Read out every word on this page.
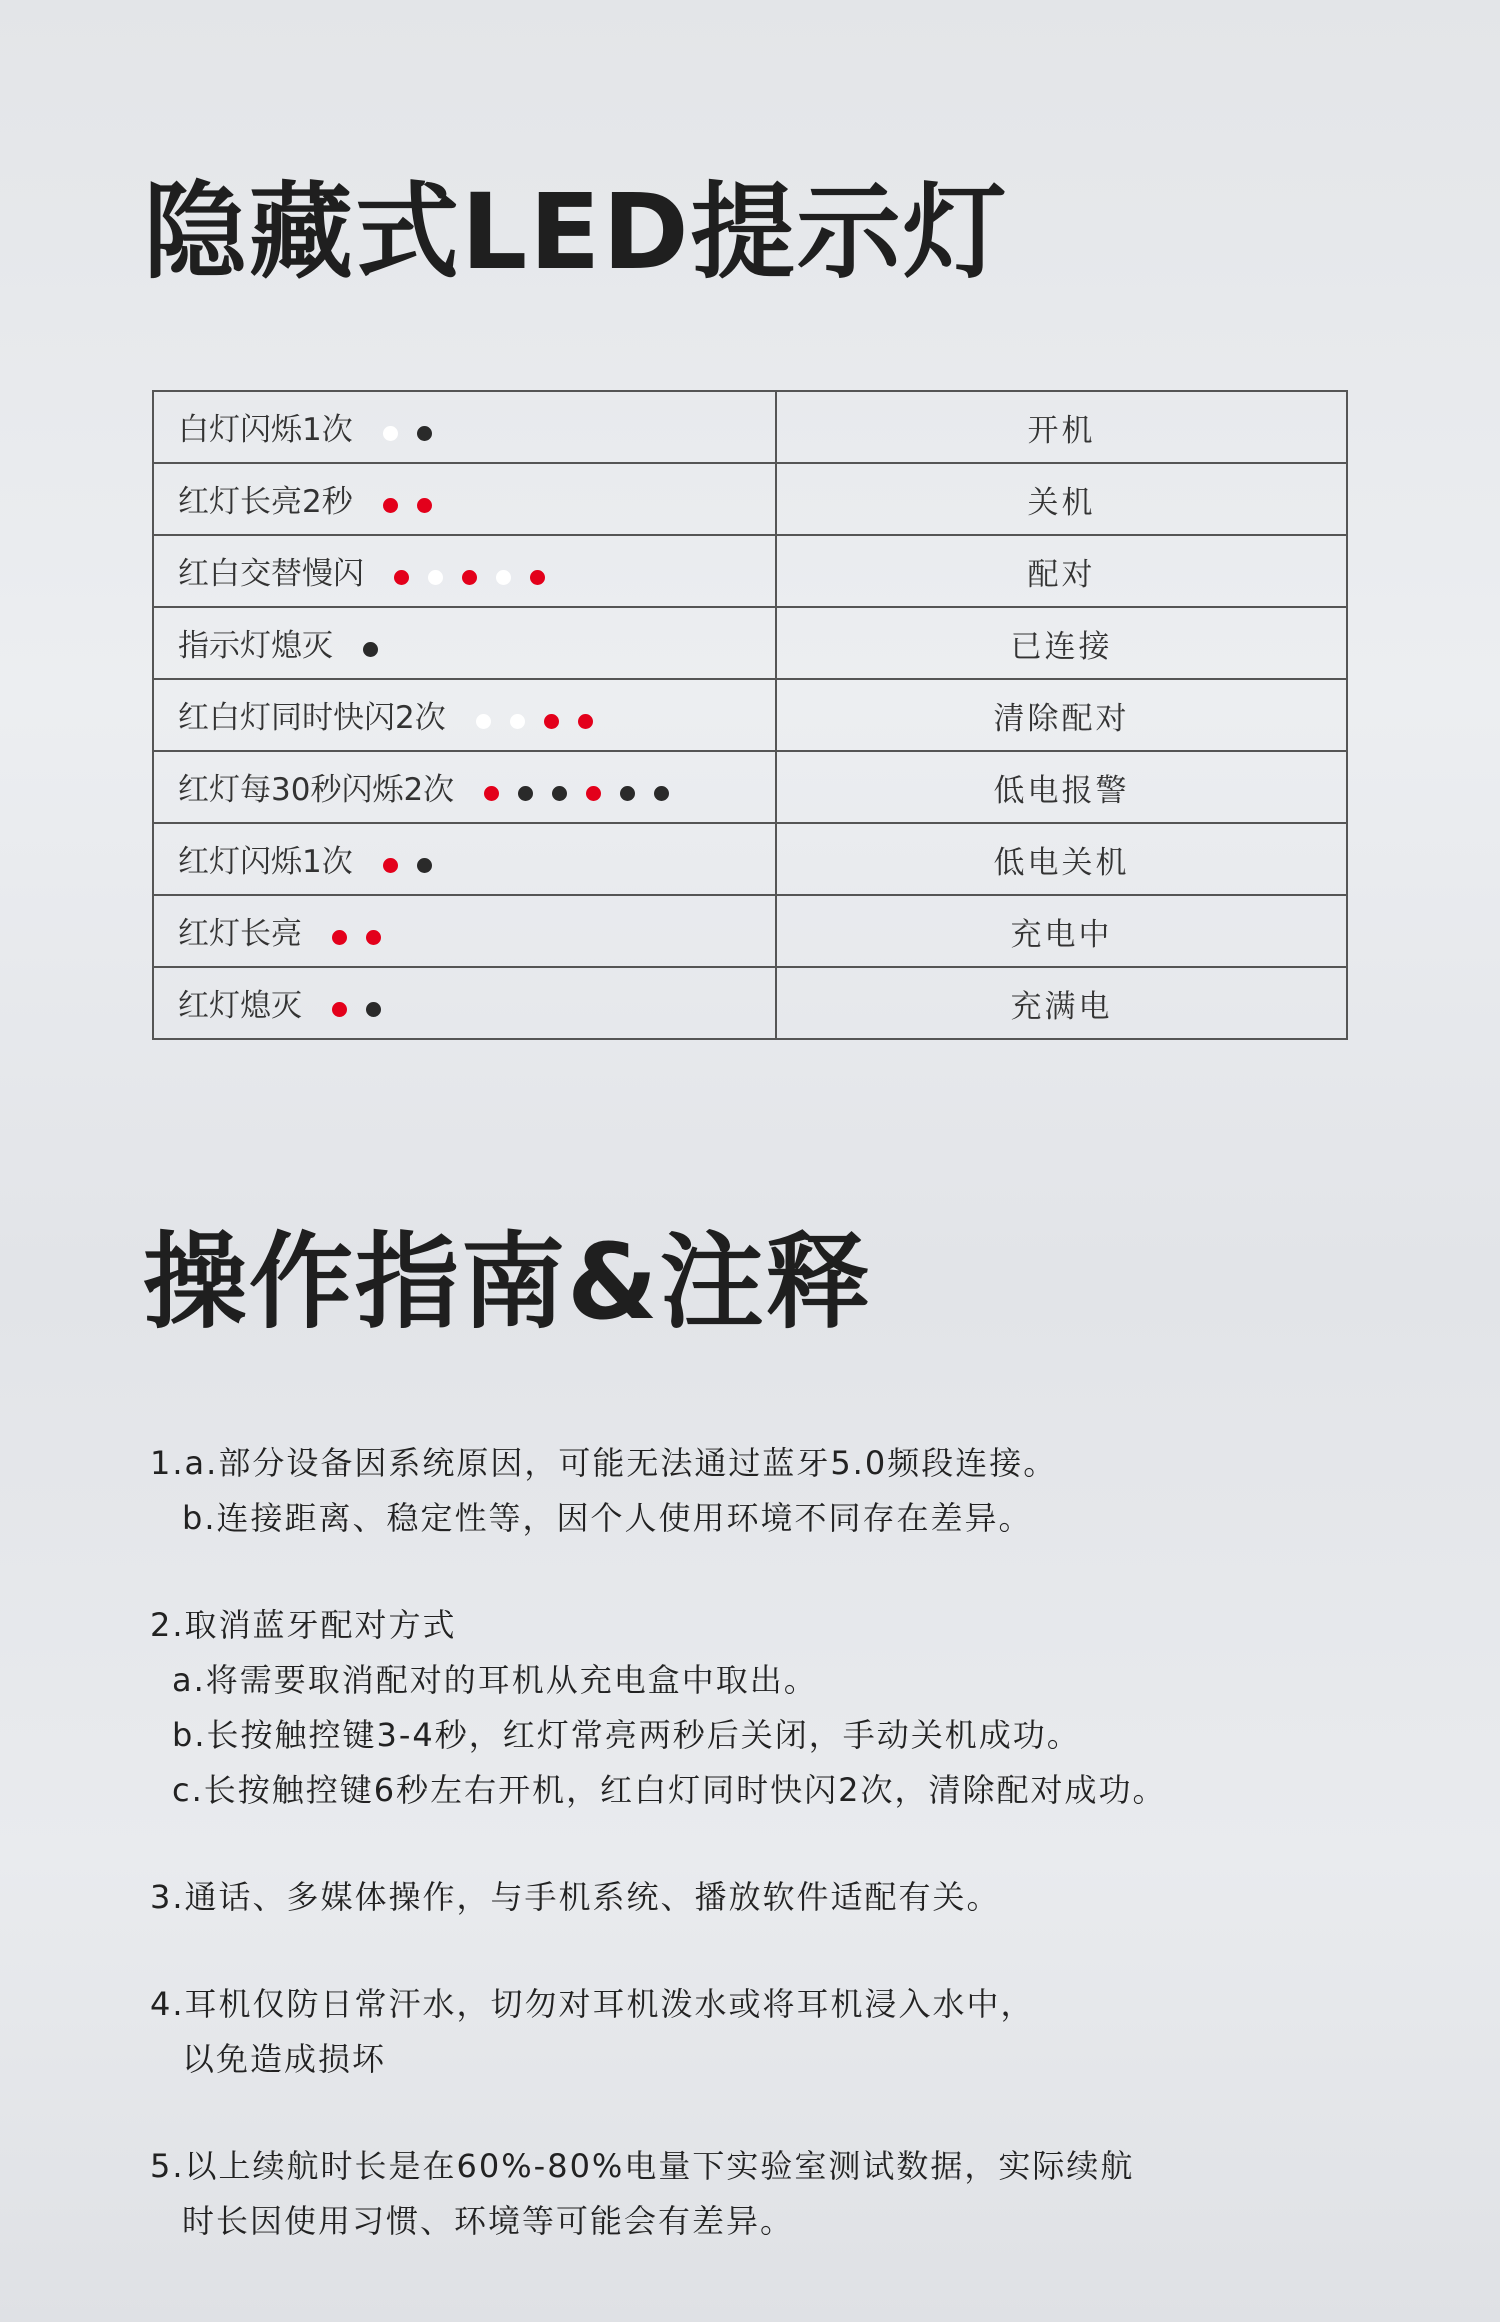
隐藏式LED提示灯
白灯闪烁1次	开机
红灯长亮2秒	关机
红白交替慢闪	配对
指示灯熄灭	已连接
红白灯同时快闪2次	清除配对
红灯每30秒闪烁2次	低电报警
红灯闪烁1次	低电关机
红灯长亮	充电中
红灯熄灭	充满电
操作指南&注释
1.a.部分设备因系统原因，可能无法通过蓝牙5.0频段连接。
b.连接距离、稳定性等，因个人使用环境不同存在差异。
2.取消蓝牙配对方式
a.将需要取消配对的耳机从充电盒中取出。
b.长按触控键3-4秒，红灯常亮两秒后关闭，手动关机成功。
c.长按触控键6秒左右开机，红白灯同时快闪2次，清除配对成功。
3.通话、多媒体操作，与手机系统、播放软件适配有关。
4.耳机仅防日常汗水，切勿对耳机泼水或将耳机浸入水中，
以免造成损坏
5.以上续航时长是在60%-80%电量下实验室测试数据，实际续航
时长因使用习惯、环境等可能会有差异。
